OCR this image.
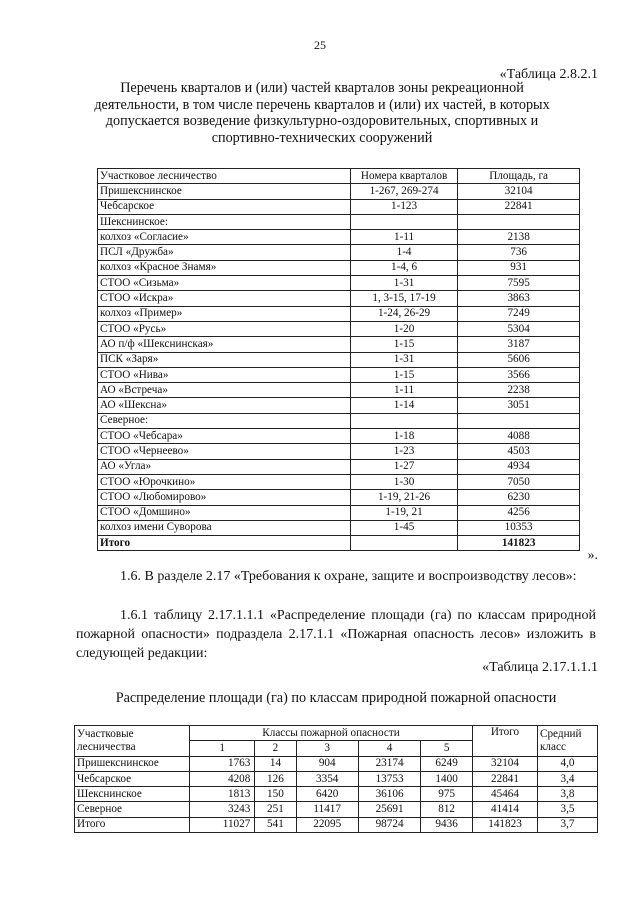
25
«Таблица 2.8.2.1
Перечень кварталов и (или) частей кварталов зоны рекреационной деятельности, в том числе перечень кварталов и (или) их частей, в которых допускается возведение физкультурно-оздоровительных, спортивных и спортивно-технических сооружений
Участковое лесничество	Номера кварталов	Площадь, га
Пришекснинское	1-267, 269-274	32104
Чебсарское	1-123	22841
Шекснинское:		
колхоз «Согласие»	1-11	2138
ПСЛ «Дружба»	1-4	736
колхоз «Красное Знамя»	1-4, 6	931
СТОО «Сизьма»	1-31	7595
СТОО «Искра»	1, 3-15, 17-19	3863
колхоз «Пример»	1-24, 26-29	7249
СТОО «Русь»	1-20	5304
АО п/ф «Шекснинская»	1-15	3187
ПСК «Заря»	1-31	5606
СТОО «Нива»	1-15	3566
АО «Встреча»	1-11	2238
АО «Шексна»	1-14	3051
Северное:		
СТОО «Чебсара»	1-18	4088
СТОО «Чернеево»	1-23	4503
АО «Угла»	1-27	4934
СТОО «Юрочкино»	1-30	7050
СТОО «Любомирово»	1-19, 21-26	6230
СТОО «Домшино»	1-19, 21	4256
колхоз имени Суворова	1-45	10353
Итого		141823
».

1.6. В разделе 2.17 «Требования к охране, защите и воспроизводству лесов»:

1.6.1 таблицу 2.17.1.1.1 «Распределение площади (га) по классам природной пожарной опасности» подраздела 2.17.1.1 «Пожарная опасность лесов» изложить в следующей редакции:

«Таблица 2.17.1.1.1
Распределение площади (га) по классам природной пожарной опасности
Участковые лесничества	Классы пожарной опасности					Итого	Средний класс
	1	2	3	4	5		
Пришекснинское	1763	14	904	23174	6249	32104	4,0
Чебсарское	4208	126	3354	13753	1400	22841	3,4
Шекснинское	1813	150	6420	36106	975	45464	3,8
Северное	3243	251	11417	25691	812	41414	3,5
Итого	11027	541	22095	98724	9436	141823	3,7
